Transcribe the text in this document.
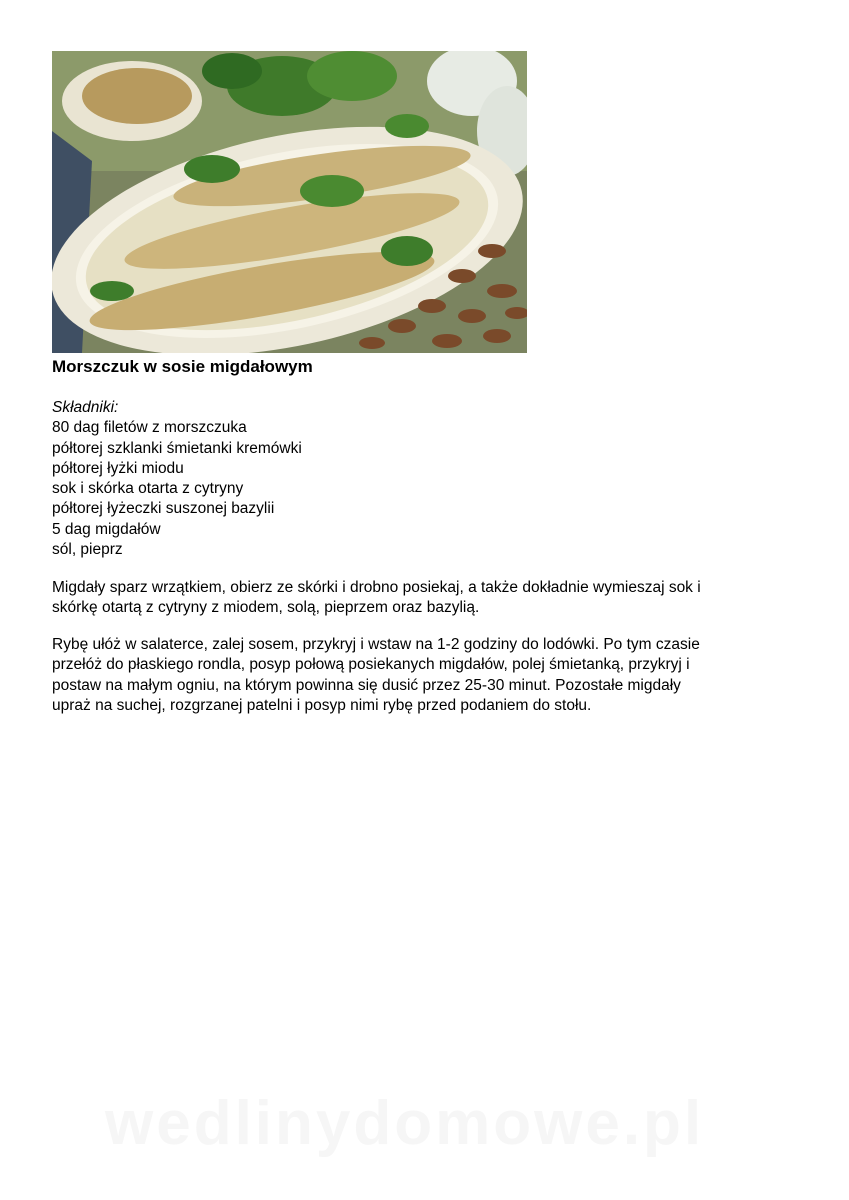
Morszczuk w sosie migdałowym
Składniki:
80 dag filetów z morszczuka
półtorej szklanki śmietanki kremówki
półtorej łyżki miodu
sok i skórka otarta z cytryny
półtorej łyżeczki suszonej bazylii
5 dag migdałów
sól, pieprz

Migdały sparz wrzątkiem, obierz ze skórki i drobno posiekaj, a także dokładnie wymieszaj sok i
skórkę otartą z cytryny z miodem, solą, pieprzem oraz bazylią.

Rybę ułóż w salaterce, zalej sosem, przykryj i wstaw na 1-2 godziny do lodówki. Po tym czasie
przełóż do płaskiego rondla, posyp połową posiekanych migdałów, polej śmietanką, przykryj i
postaw na małym ogniu, na którym powinna się dusić przez 25-30 minut. Pozostałe migdały
upraż na suchej, rozgrzanej patelni i posyp nimi rybę przed podaniem do stołu.

wedlinydomowe.pl
